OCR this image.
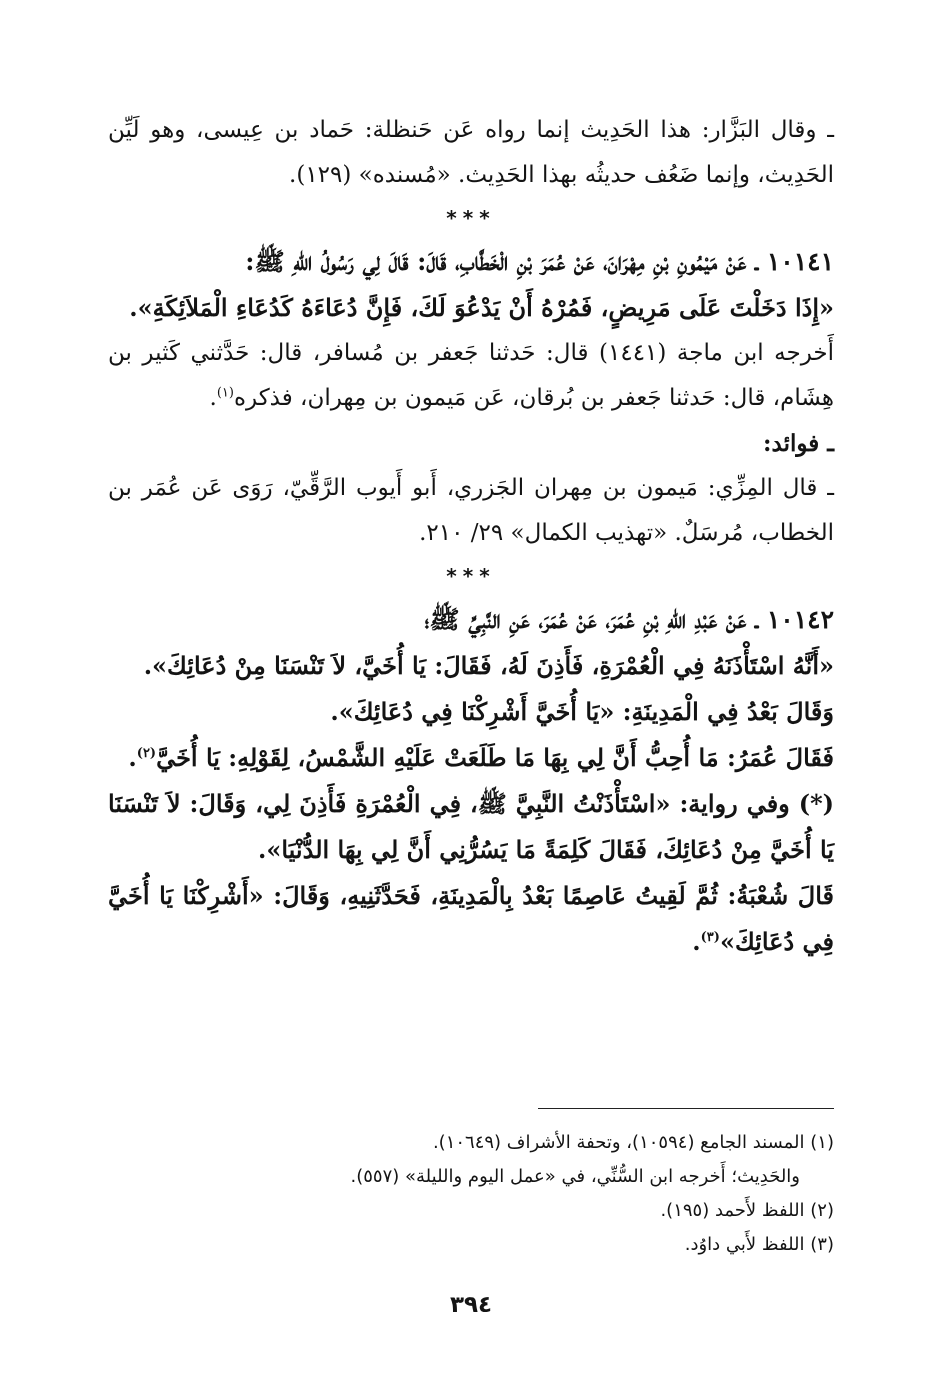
ـ وقال البَزَّار: هذا الحَدِيث إنما رواه عَن حَنظلة: حَماد بن عِيسى، وهو لَيِّن الحَدِيث، وإنما ضَعُف حديثُه بهذا الحَدِيث. «مُسنده» (١٢٩).

***

١٠١٤١ ـ عَنْ مَيْمُونِ بْنِ مِهْرَانَ، عَنْ عُمَرَ بْنِ الْخَطَّابِ، قَالَ: قَالَ لِي رَسُولُ اللهِ ﷺ:

«إِذَا دَخَلْتَ عَلَى مَرِيضٍ، فَمُرْهُ أَنْ يَدْعُوَ لَكَ، فَإِنَّ دُعَاءَهُ كَدُعَاءِ الْمَلاَئِكَةِ».

أَخرجه ابن ماجة (١٤٤١) قال: حَدثنا جَعفر بن مُسافر، قال: حَدَّثني كَثير بن هِشَام، قال: حَدثنا جَعفر بن بُرقان، عَن مَيمون بن مِهران، فذكره$^{(١)}$.

ـ فوائد:

ـ قال المِزِّي: مَيمون بن مِهران الجَزري، أَبو أَيوب الرَّقِّيّ، رَوَى عَن عُمَر بن الخطاب، مُرسَلٌ. «تهذيب الكمال» ٢٩/ ٢١٠.

***

١٠١٤٢ ـ عَنْ عَبْدِ اللهِ بْنِ عُمَرَ، عَنْ عُمَرَ، عَنِ النَّبِيِّ ﷺ؛

«أَنَّهُ اسْتَأْذَنَهُ فِي الْعُمْرَةِ، فَأَذِنَ لَهُ، فَقَالَ: يَا أُخَيَّ، لاَ تَنْسَنَا مِنْ دُعَائِكَ».

وَقَالَ بَعْدُ فِي الْمَدِينَةِ: «يَا أُخَيَّ أَشْرِكْنَا فِي دُعَائِكَ».

فَقَالَ عُمَرُ: مَا أُحِبُّ أَنَّ لِي بِهَا مَا طَلَعَتْ عَلَيْهِ الشَّمْسُ، لِقَوْلِهِ: يَا أُخَيَّ$^{(٢)}$.

(*) وفي رواية: «اسْتَأْذَنْتُ النَّبِيَّ ﷺ، فِي الْعُمْرَةِ فَأَذِنَ لِي، وَقَالَ: لاَ تَنْسَنَا يَا أُخَيَّ مِنْ دُعَائِكَ، فَقَالَ كَلِمَةً مَا يَسُرُّنِي أَنَّ لِي بِهَا الدُّنْيَا».

قَالَ شُعْبَةُ: ثُمَّ لَقِيتُ عَاصِمًا بَعْدُ بِالْمَدِينَةِ، فَحَدَّثَنِيهِ، وَقَالَ: «أَشْرِكْنَا يَا أُخَيَّ فِي دُعَائِكَ»$^{(٣)}$.

(١) المسند الجامع (١٠٥٩٤)، وتحفة الأشراف (١٠٦٤٩).

والحَدِيث؛ أَخرجه ابن السُّنِّي، في «عمل اليوم والليلة» (٥٥٧).

(٢) اللفظ لأَحمد (١٩٥).

(٣) اللفظ لأَبي داوُد.

٣٩٤
